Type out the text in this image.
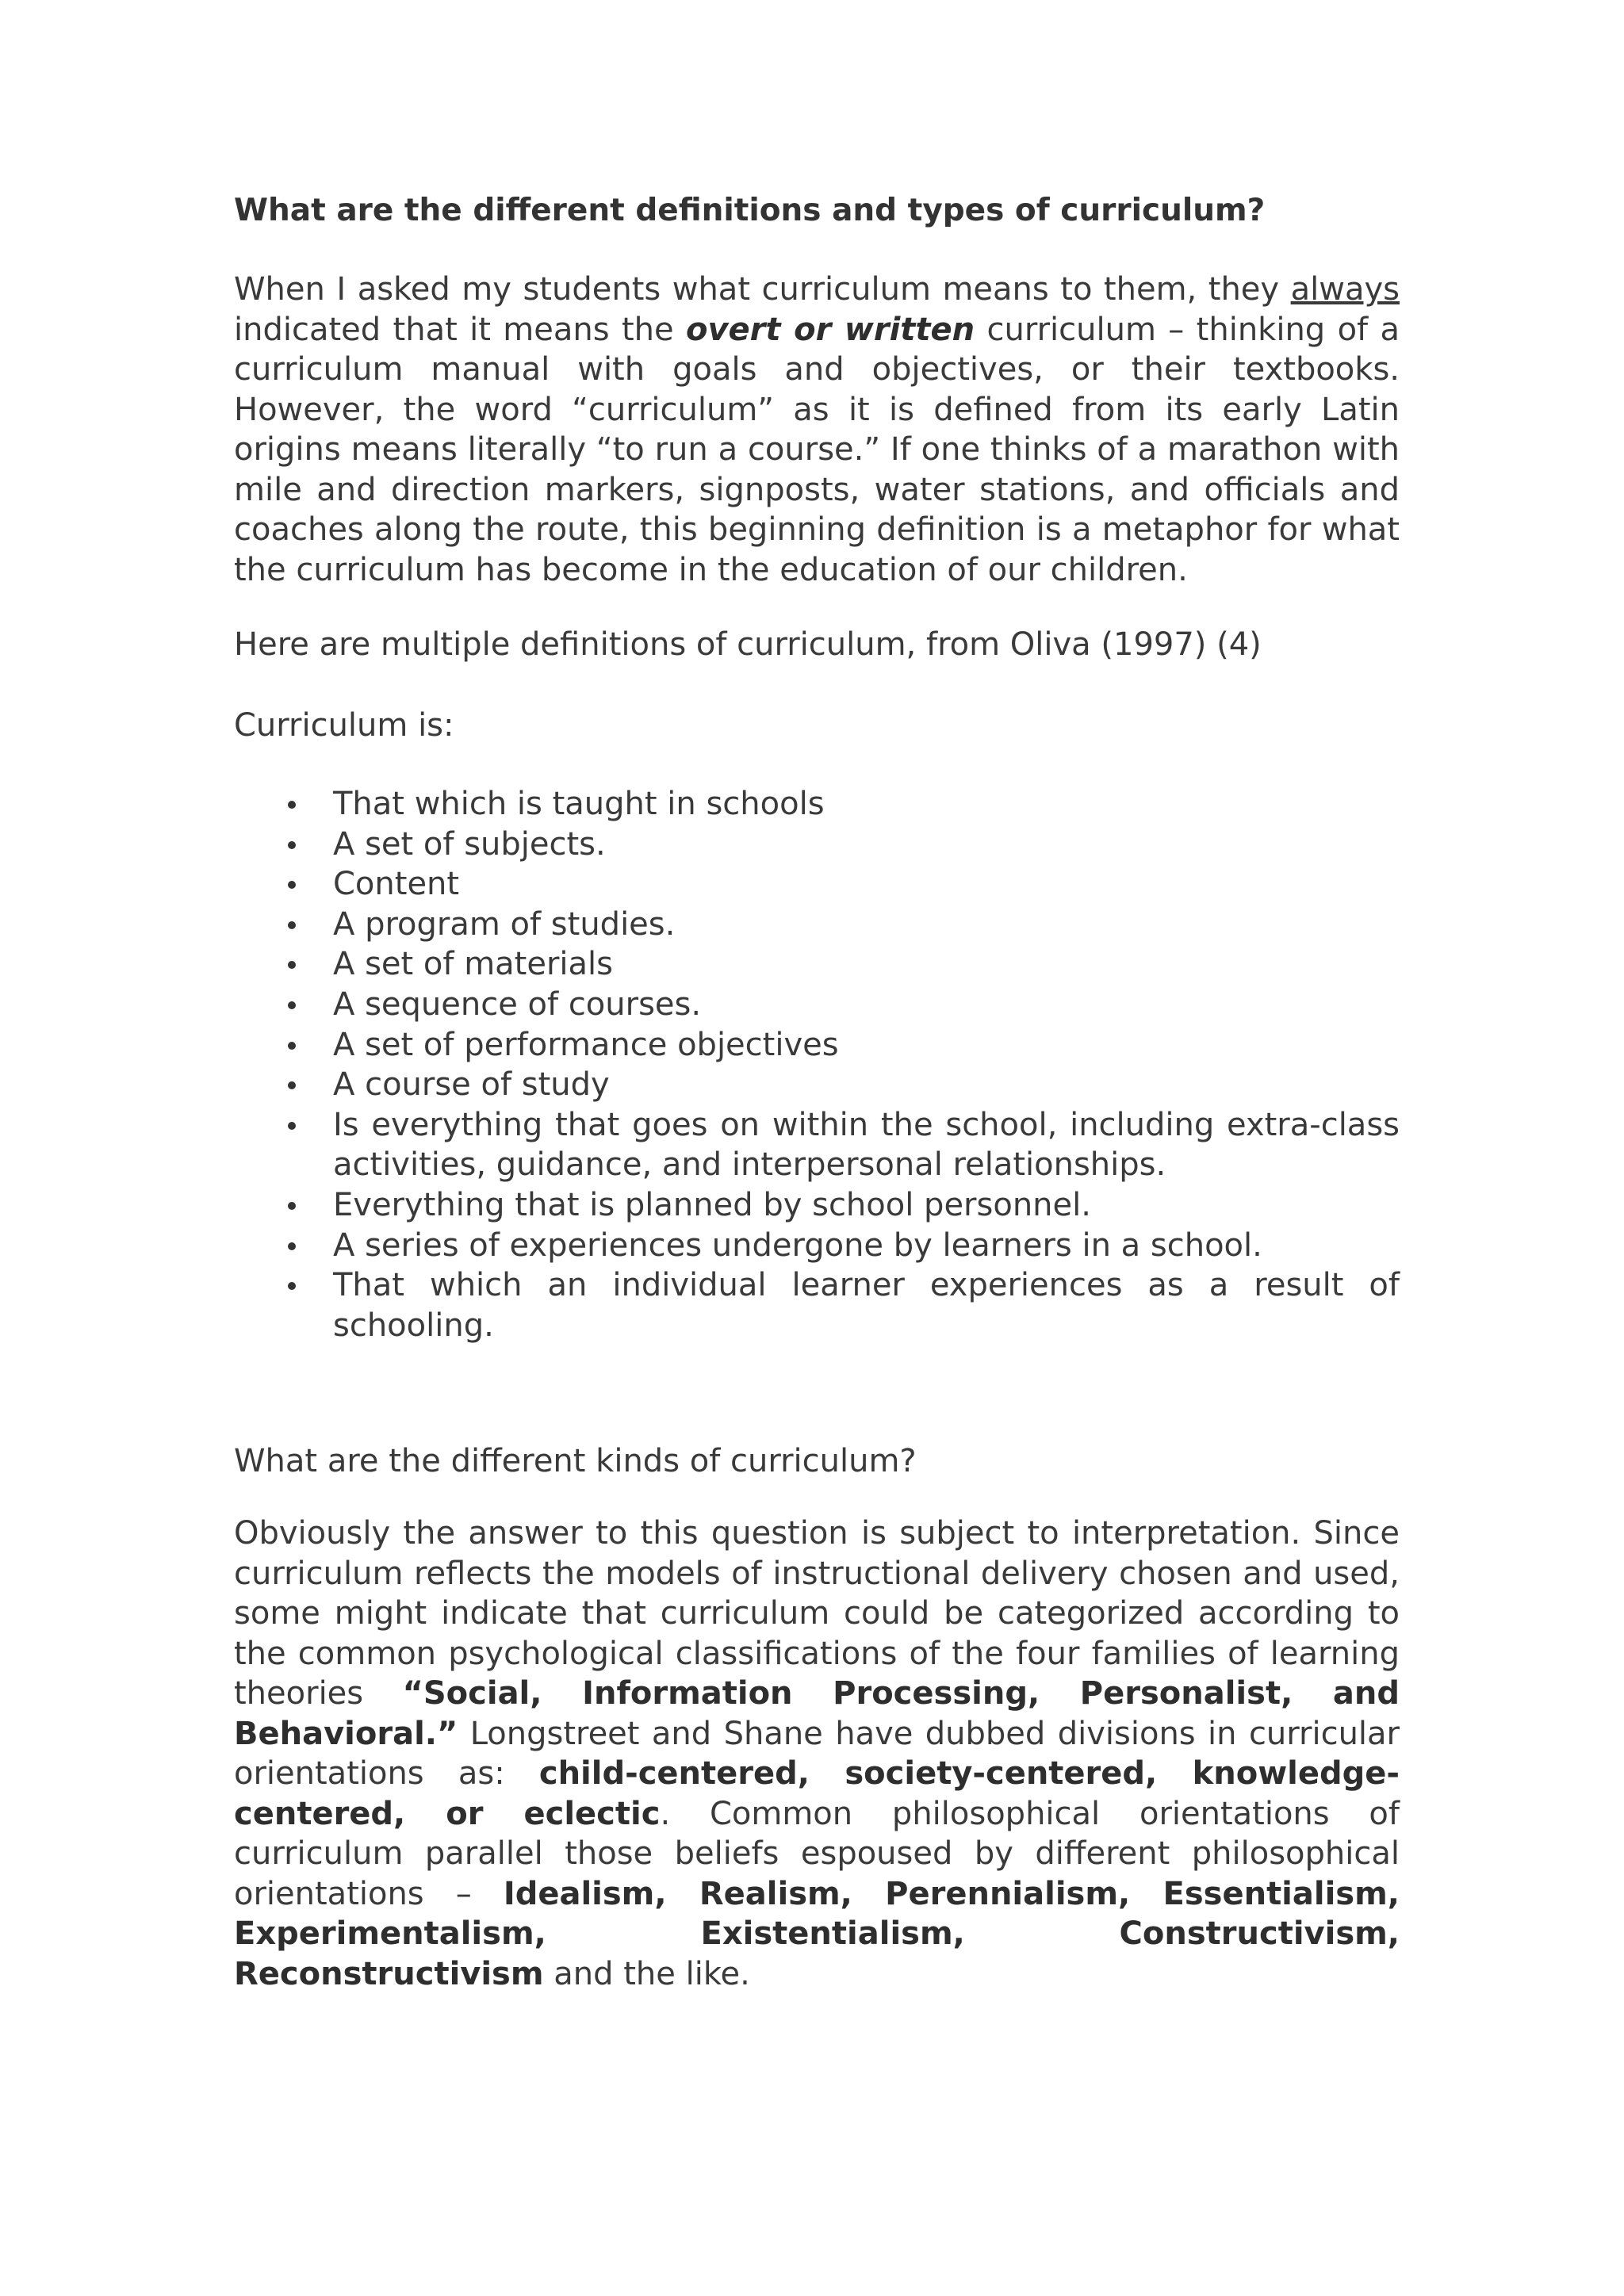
What are the different definitions and types of curriculum?

When I asked my students what curriculum means to them, they always indicated that it means the overt or written curriculum – thinking of a curriculum manual with goals and objectives, or their textbooks. However, the word “curriculum” as it is defined from its early Latin origins means literally “to run a course.” If one thinks of a marathon with mile and direction markers, signposts, water stations, and officials and coaches along the route, this beginning definition is a metaphor for what the curriculum has become in the education of our children.

Here are multiple definitions of curriculum, from Oliva (1997) (4)

Curriculum is:

That which is taught in schools
A set of subjects.
Content
A program of studies.
A set of materials
A sequence of courses.
A set of performance objectives
A course of study
Is everything that goes on within the school, including extra-class activities, guidance, and interpersonal relationships.
Everything that is planned by school personnel.
A series of experiences undergone by learners in a school.
That which an individual learner experiences as a result of schooling.

What are the different kinds of curriculum?

Obviously the answer to this question is subject to interpretation. Since curriculum reflects the models of instructional delivery chosen and used, some might indicate that curriculum could be categorized according to the common psychological classifications of the four families of learning theories “Social, Information Processing, Personalist, and Behavioral.” Longstreet and Shane have dubbed divisions in curricular orientations as: child-centered, society-centered, knowledge-centered, or eclectic. Common philosophical orientations of curriculum parallel those beliefs espoused by different philosophical orientations – Idealism, Realism, Perennialism, Essentialism, Experimentalism, Existentialism, Constructivism, Reconstructivism and the like.
